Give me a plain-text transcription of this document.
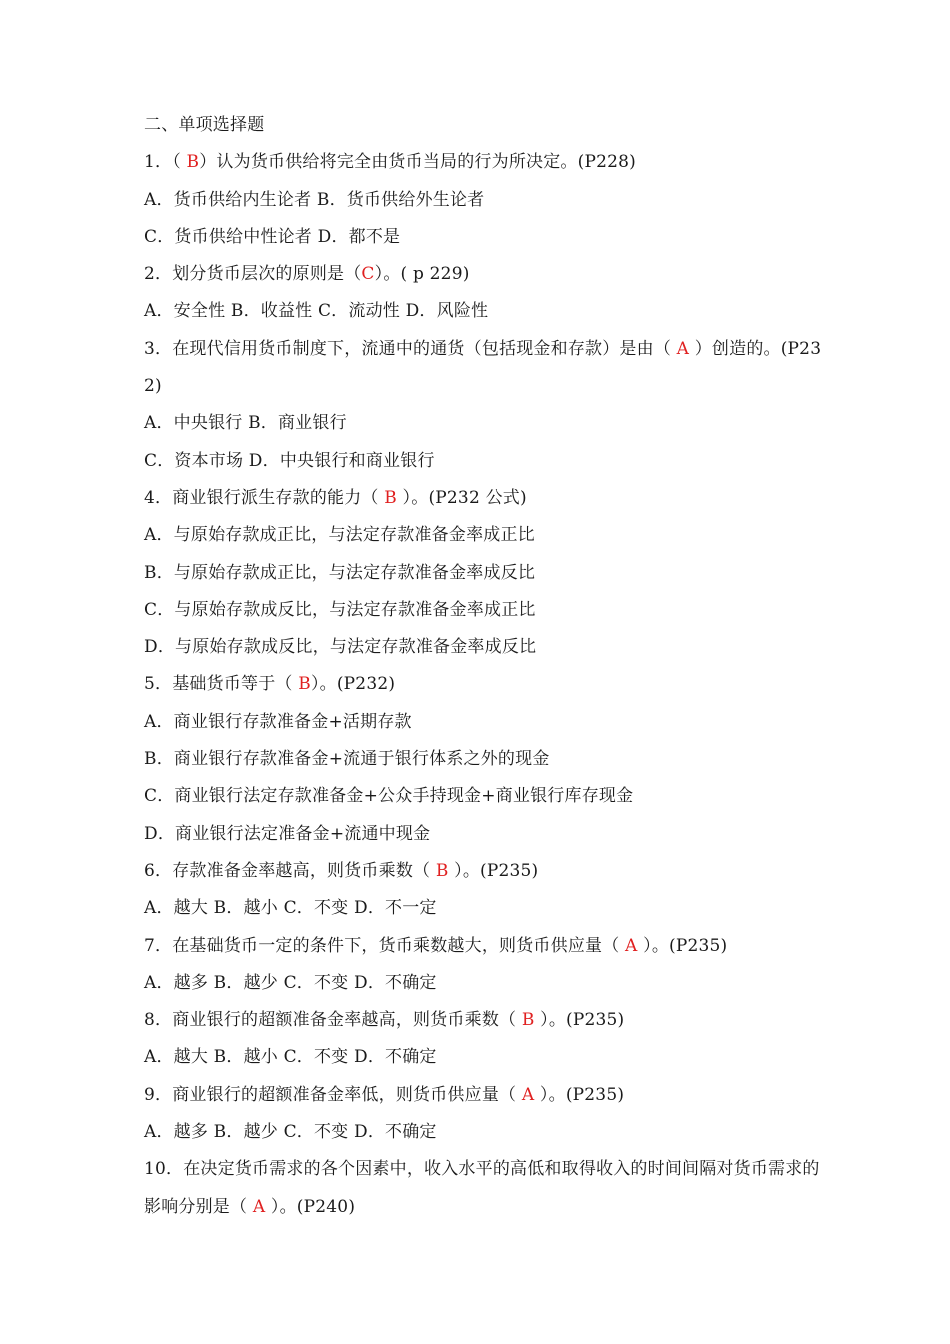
二、单项选择题
1．（ B）认为货币供给将完全由货币当局的行为所决定。(P228)
A．货币供给内生论者 B．货币供给外生论者
C．货币供给中性论者 D．都不是
2．划分货币层次的原则是（C）。( p 229)
A．安全性 B．收益性 C．流动性 D．风险性
3．在现代信用货币制度下，流通中的通货（包括现金和存款）是由（ A ）创造的。(P232)
A．中央银行 B．商业银行
C．资本市场 D．中央银行和商业银行
4．商业银行派生存款的能力（ B ）。(P232 公式)
A．与原始存款成正比，与法定存款准备金率成正比
B．与原始存款成正比，与法定存款准备金率成反比
C．与原始存款成反比，与法定存款准备金率成正比
D．与原始存款成反比，与法定存款准备金率成反比
5．基础货币等于（ B）。(P232)
A．商业银行存款准备金+活期存款
B．商业银行存款准备金+流通于银行体系之外的现金
C．商业银行法定存款准备金+公众手持现金+商业银行库存现金
D．商业银行法定准备金+流通中现金
6．存款准备金率越高，则货币乘数（ B ）。(P235)
A．越大 B．越小 C．不变 D．不一定
7．在基础货币一定的条件下，货币乘数越大，则货币供应量（ A ）。(P235)
A．越多 B．越少 C．不变 D．不确定
8．商业银行的超额准备金率越高，则货币乘数（ B ）。(P235)
A．越大 B．越小 C．不变 D．不确定
9．商业银行的超额准备金率低，则货币供应量（ A ）。(P235)
A．越多 B．越少 C．不变 D．不确定
10．在决定货币需求的各个因素中，收入水平的高低和取得收入的时间间隔对货币需求的影响分别是（ A ）。(P240)
